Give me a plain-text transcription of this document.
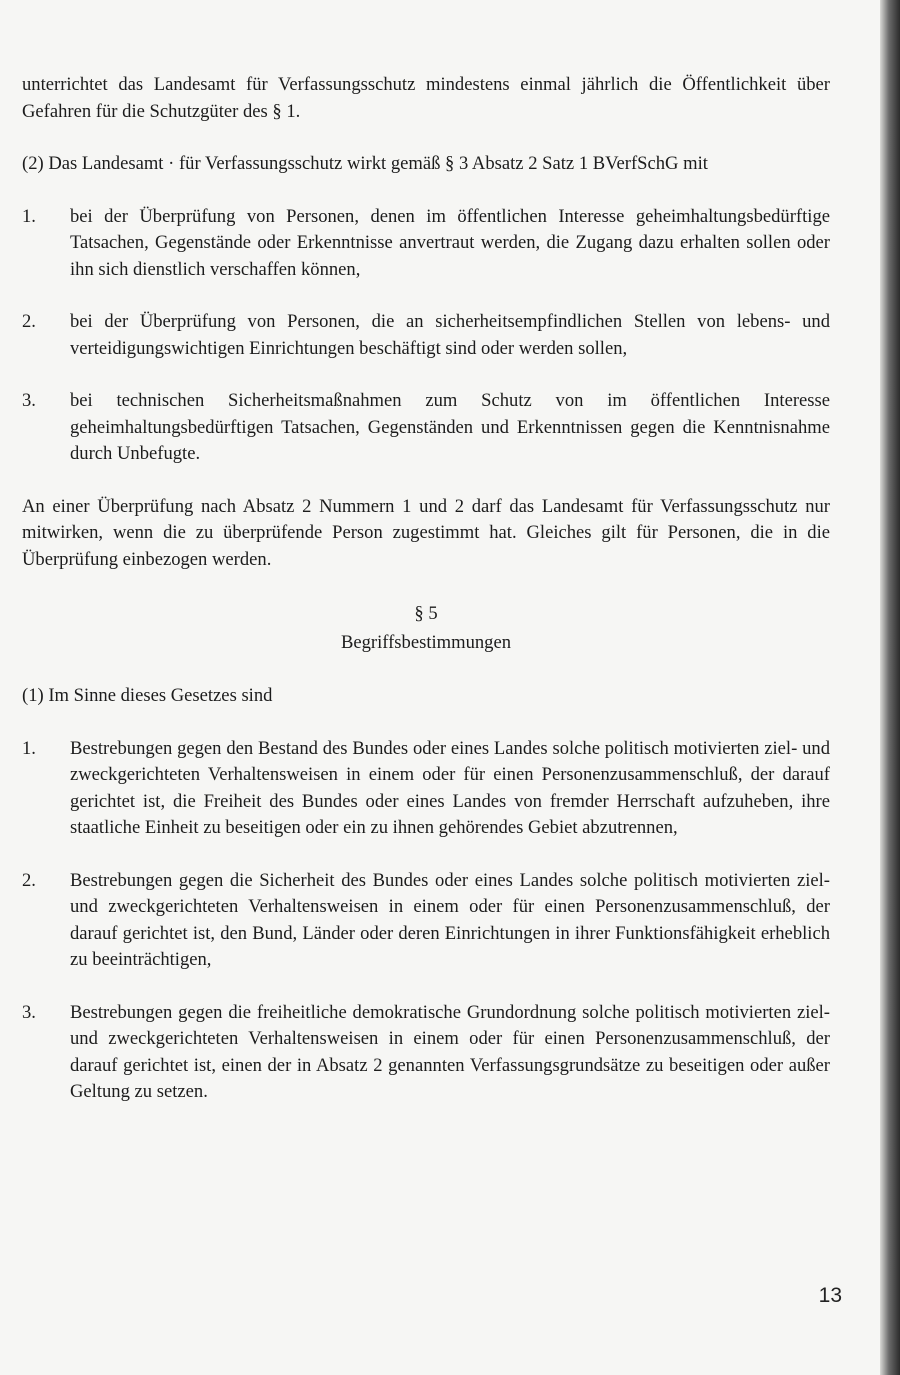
unterrichtet das Landesamt für Verfassungsschutz mindestens einmal jährlich die Öffentlichkeit über Gefahren für die Schutzgüter des § 1.

(2) Das Landesamt · für Verfassungsschutz wirkt gemäß § 3 Absatz 2 Satz 1 BVerfSchG mit

1.	bei der Überprüfung von Personen, denen im öffentlichen Interesse geheimhaltungsbedürftige Tatsachen, Gegenstände oder Erkenntnisse anvertraut werden, die Zugang dazu erhalten sollen oder ihn sich dienstlich verschaffen können,
2.	bei der Überprüfung von Personen, die an sicherheitsempfindlichen Stellen von lebens- und verteidigungswichtigen Einrichtungen beschäftigt sind oder werden sollen,
3.	bei technischen Sicherheitsmaßnahmen zum Schutz von im öffentlichen Interesse geheimhaltungsbedürftigen Tatsachen, Gegenständen und Erkenntnissen gegen die Kenntnisnahme durch Unbefugte.

An einer Überprüfung nach Absatz 2 Nummern 1 und 2 darf das Landesamt für Verfassungsschutz nur mitwirken, wenn die zu überprüfende Person zugestimmt hat. Gleiches gilt für Personen, die in die Überprüfung einbezogen werden.

§ 5
Begriffsbestimmungen

(1) Im Sinne dieses Gesetzes sind

1.	Bestrebungen gegen den Bestand des Bundes oder eines Landes solche politisch motivierten ziel- und zweckgerichteten Verhaltensweisen in einem oder für einen Personenzusammenschluß, der darauf gerichtet ist, die Freiheit des Bundes oder eines Landes von fremder Herrschaft aufzuheben, ihre staatliche Einheit zu beseitigen oder ein zu ihnen gehörendes Gebiet abzutrennen,
2.	Bestrebungen gegen die Sicherheit des Bundes oder eines Landes solche politisch motivierten ziel- und zweckgerichteten Verhaltensweisen in einem oder für einen Personenzusammenschluß, der darauf gerichtet ist, den Bund, Länder oder deren Einrichtungen in ihrer Funktionsfähigkeit erheblich zu beeinträchtigen,
3.	Bestrebungen gegen die freiheitliche demokratische Grundordnung solche politisch motivierten ziel- und zweckgerichteten Verhaltensweisen in einem oder für einen Personenzusammenschluß, der darauf gerichtet ist, einen der in Absatz 2 genannten Verfassungsgrundsätze zu beseitigen oder außer Geltung zu setzen.
13
